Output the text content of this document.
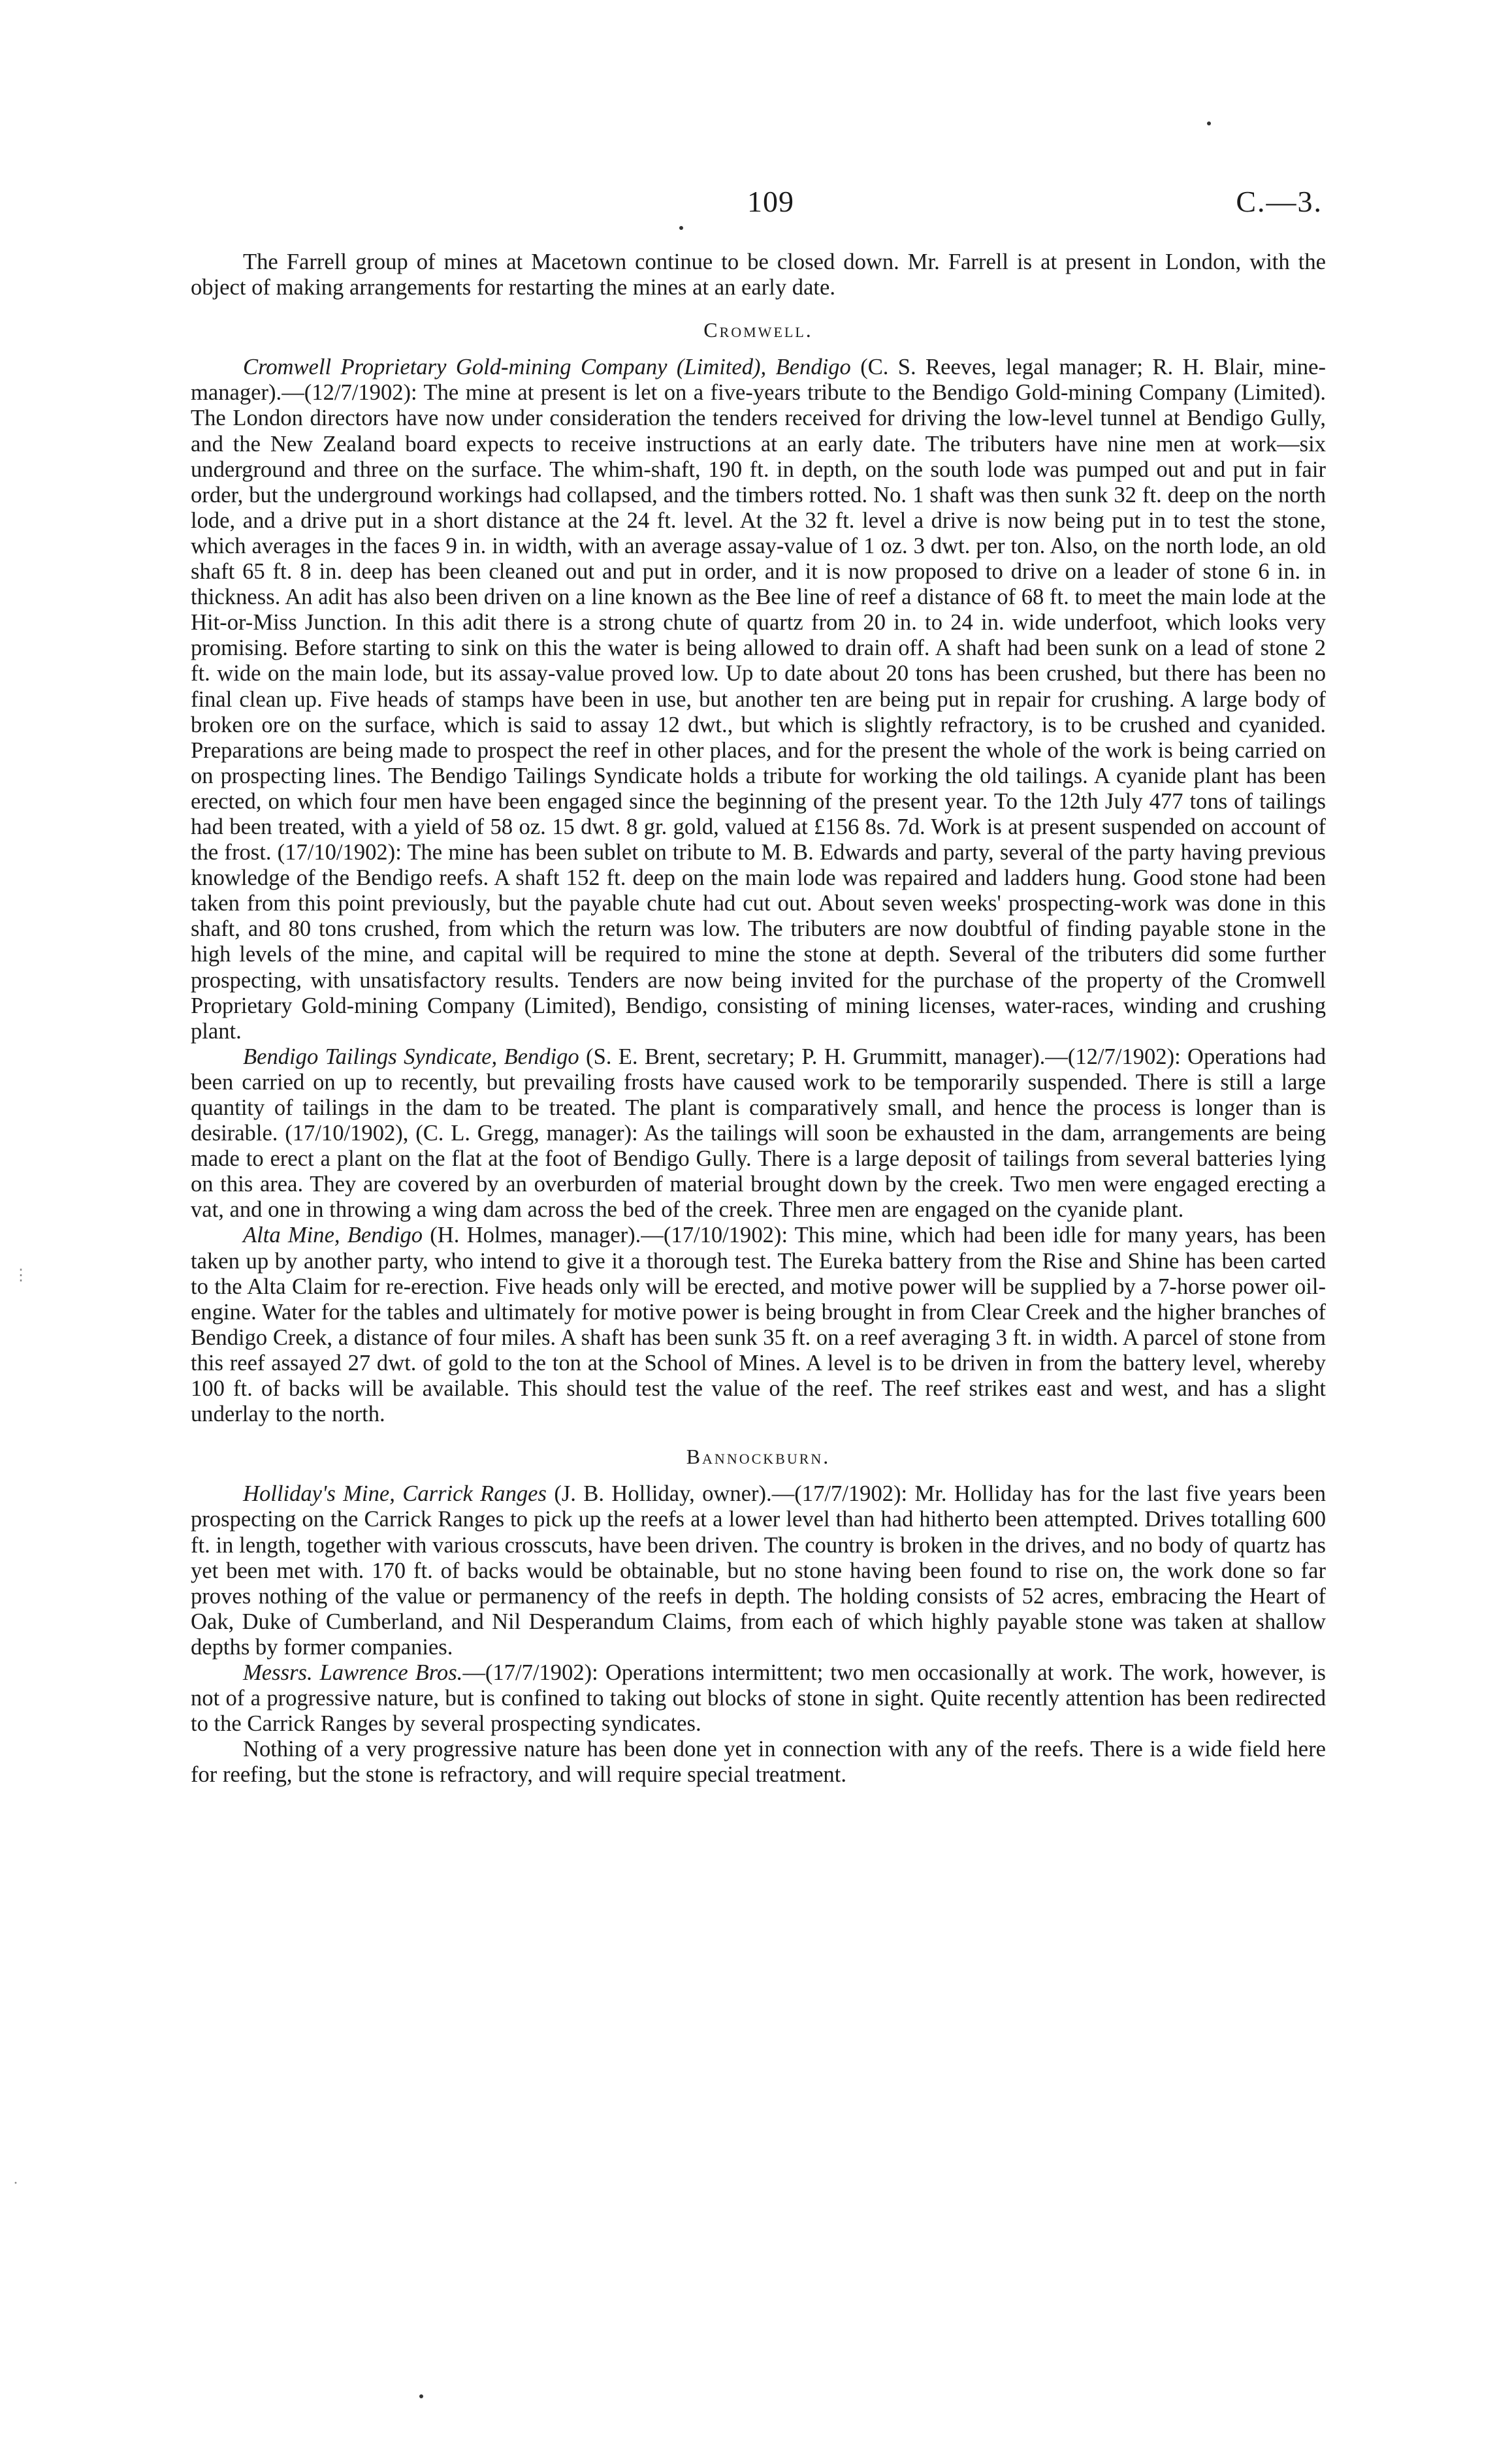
⋮
·
109	C.—3.

The Farrell group of mines at Macetown continue to be closed down. Mr. Farrell is at present in London, with the object of making arrangements for restarting the mines at an early date.

Cromwell.

Cromwell Proprietary Gold-mining Company (Limited), Bendigo (C. S. Reeves, legal manager; R. H. Blair, mine-manager).—(12/7/1902): The mine at present is let on a five-years tribute to the Bendigo Gold-mining Company (Limited). The London directors have now under consideration the tenders received for driving the low-level tunnel at Bendigo Gully, and the New Zealand board expects to receive instructions at an early date. The tributers have nine men at work—six underground and three on the surface. The whim-shaft, 190 ft. in depth, on the south lode was pumped out and put in fair order, but the underground workings had collapsed, and the timbers rotted. No. 1 shaft was then sunk 32 ft. deep on the north lode, and a drive put in a short distance at the 24 ft. level. At the 32 ft. level a drive is now being put in to test the stone, which averages in the faces 9 in. in width, with an average assay-value of 1 oz. 3 dwt. per ton. Also, on the north lode, an old shaft 65 ft. 8 in. deep has been cleaned out and put in order, and it is now proposed to drive on a leader of stone 6 in. in thickness. An adit has also been driven on a line known as the Bee line of reef a distance of 68 ft. to meet the main lode at the Hit-or-Miss Junction. In this adit there is a strong chute of quartz from 20 in. to 24 in. wide underfoot, which looks very promising. Before starting to sink on this the water is being allowed to drain off. A shaft had been sunk on a lead of stone 2 ft. wide on the main lode, but its assay-value proved low. Up to date about 20 tons has been crushed, but there has been no final clean up. Five heads of stamps have been in use, but another ten are being put in repair for crushing. A large body of broken ore on the surface, which is said to assay 12 dwt., but which is slightly refractory, is to be crushed and cyanided. Preparations are being made to prospect the reef in other places, and for the present the whole of the work is being carried on on prospecting lines. The Bendigo Tailings Syndicate holds a tribute for working the old tailings. A cyanide plant has been erected, on which four men have been engaged since the beginning of the present year. To the 12th July 477 tons of tailings had been treated, with a yield of 58 oz. 15 dwt. 8 gr. gold, valued at £156 8s. 7d. Work is at present suspended on account of the frost. (17/10/1902): The mine has been sublet on tribute to M. B. Edwards and party, several of the party having previous knowledge of the Bendigo reefs. A shaft 152 ft. deep on the main lode was repaired and ladders hung. Good stone had been taken from this point previously, but the payable chute had cut out. About seven weeks' prospecting-work was done in this shaft, and 80 tons crushed, from which the return was low. The tributers are now doubtful of finding payable stone in the high levels of the mine, and capital will be required to mine the stone at depth. Several of the tributers did some further prospecting, with unsatisfactory results. Tenders are now being invited for the purchase of the property of the Cromwell Proprietary Gold-mining Company (Limited), Bendigo, consisting of mining licenses, water-races, winding and crushing plant.

Bendigo Tailings Syndicate, Bendigo (S. E. Brent, secretary; P. H. Grummitt, manager).—(12/7/1902): Operations had been carried on up to recently, but prevailing frosts have caused work to be temporarily suspended. There is still a large quantity of tailings in the dam to be treated. The plant is comparatively small, and hence the process is longer than is desirable. (17/10/1902), (C. L. Gregg, manager): As the tailings will soon be exhausted in the dam, arrangements are being made to erect a plant on the flat at the foot of Bendigo Gully. There is a large deposit of tailings from several batteries lying on this area. They are covered by an overburden of material brought down by the creek. Two men were engaged erecting a vat, and one in throwing a wing dam across the bed of the creek. Three men are engaged on the cyanide plant.

Alta Mine, Bendigo (H. Holmes, manager).—(17/10/1902): This mine, which had been idle for many years, has been taken up by another party, who intend to give it a thorough test. The Eureka battery from the Rise and Shine has been carted to the Alta Claim for re-erection. Five heads only will be erected, and motive power will be supplied by a 7-horse power oil-engine. Water for the tables and ultimately for motive power is being brought in from Clear Creek and the higher branches of Bendigo Creek, a distance of four miles. A shaft has been sunk 35 ft. on a reef averaging 3 ft. in width. A parcel of stone from this reef assayed 27 dwt. of gold to the ton at the School of Mines. A level is to be driven in from the battery level, whereby 100 ft. of backs will be available. This should test the value of the reef. The reef strikes east and west, and has a slight underlay to the north.

Bannockburn.

Holliday's Mine, Carrick Ranges (J. B. Holliday, owner).—(17/7/1902): Mr. Holliday has for the last five years been prospecting on the Carrick Ranges to pick up the reefs at a lower level than had hitherto been attempted. Drives totalling 600 ft. in length, together with various crosscuts, have been driven. The country is broken in the drives, and no body of quartz has yet been met with. 170 ft. of backs would be obtainable, but no stone having been found to rise on, the work done so far proves nothing of the value or permanency of the reefs in depth. The holding consists of 52 acres, embracing the Heart of Oak, Duke of Cumberland, and Nil Desperandum Claims, from each of which highly payable stone was taken at shallow depths by former companies.

Messrs. Lawrence Bros.—(17/7/1902): Operations intermittent; two men occasionally at work. The work, however, is not of a progressive nature, but is confined to taking out blocks of stone in sight. Quite recently attention has been redirected to the Carrick Ranges by several prospecting syndicates.

Nothing of a very progressive nature has been done yet in connection with any of the reefs. There is a wide field here for reefing, but the stone is refractory, and will require special treatment.
